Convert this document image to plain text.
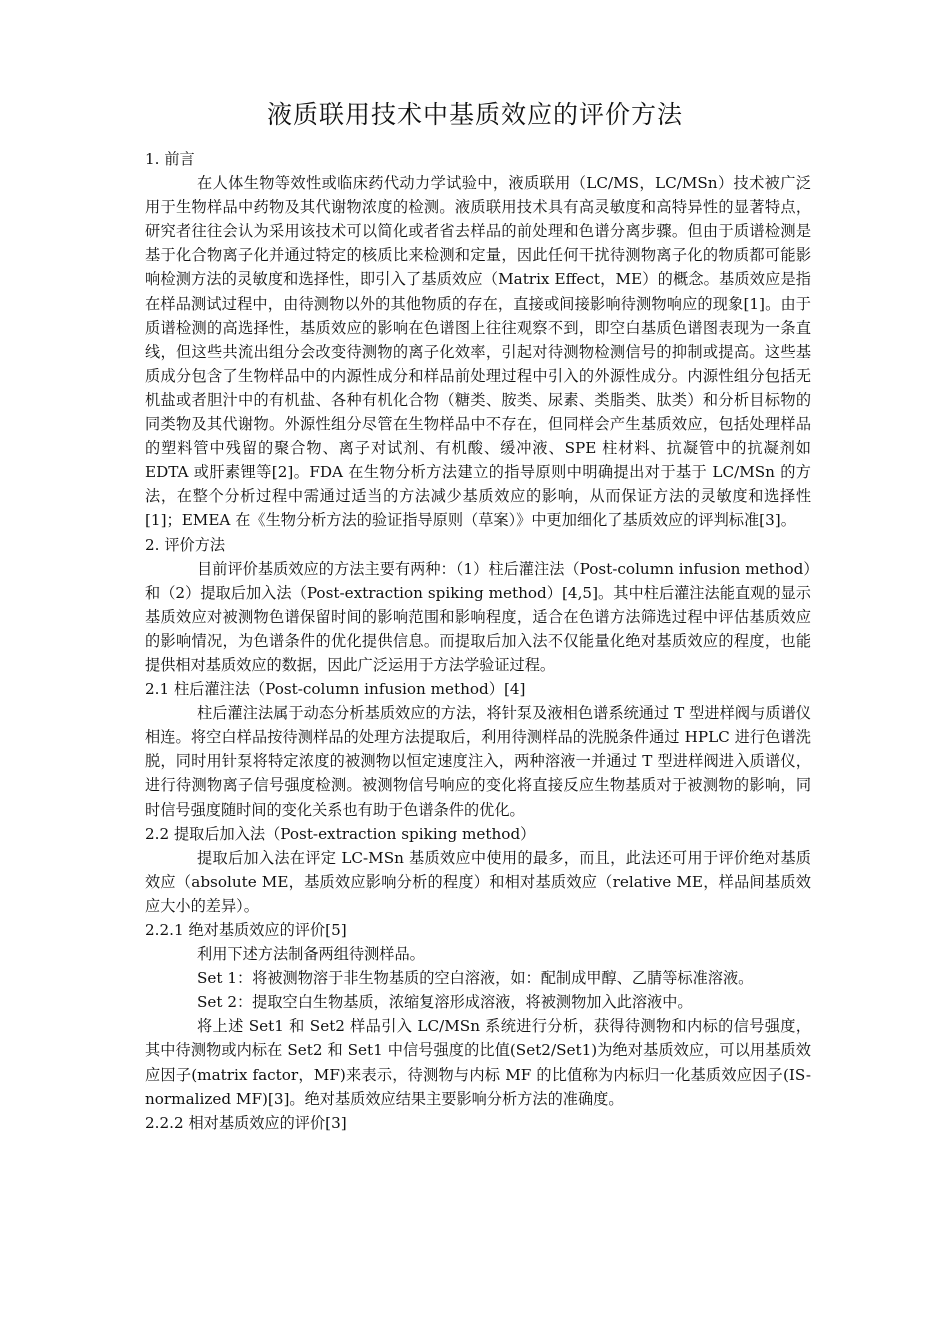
液质联用技术中基质效应的评价方法
1. 前言
在人体生物等效性或临床药代动力学试验中，液质联用（LC/MS，LC/MSn）技术被广泛用于生物样品中药物及其代谢物浓度的检测。液质联用技术具有高灵敏度和高特异性的显著特点，研究者往往会认为采用该技术可以简化或者省去样品的前处理和色谱分离步骤。但由于质谱检测是基于化合物离子化并通过特定的核质比来检测和定量，因此任何干扰待测物离子化的物质都可能影响检测方法的灵敏度和选择性，即引入了基质效应（Matrix Effect，ME）的概念。基质效应是指在样品测试过程中，由待测物以外的其他物质的存在，直接或间接影响待测物响应的现象[1]。由于质谱检测的高选择性，基质效应的影响在色谱图上往往观察不到，即空白基质色谱图表现为一条直线，但这些共流出组分会改变待测物的离子化效率，引起对待测物检测信号的抑制或提高。这些基质成分包含了生物样品中的内源性成分和样品前处理过程中引入的外源性成分。内源性组分包括无机盐或者胆汁中的有机盐、各种有机化合物（糖类、胺类、尿素、类脂类、肽类）和分析目标物的同类物及其代谢物。外源性组分尽管在生物样品中不存在，但同样会产生基质效应，包括处理样品的塑料管中残留的聚合物、离子对试剂、有机酸、缓冲液、SPE 柱材料、抗凝管中的抗凝剂如 EDTA 或肝素锂等[2]。FDA 在生物分析方法建立的指导原则中明确提出对于基于 LC/MSn 的方法，在整个分析过程中需通过适当的方法减少基质效应的影响，从而保证方法的灵敏度和选择性[1]；EMEA 在《生物分析方法的验证指导原则（草案）》中更加细化了基质效应的评判标准[3]。
2. 评价方法
目前评价基质效应的方法主要有两种：（1）柱后灌注法（Post-column infusion method）和（2）提取后加入法（Post-extraction spiking method）[4,5]。其中柱后灌注法能直观的显示基质效应对被测物色谱保留时间的影响范围和影响程度，适合在色谱方法筛选过程中评估基质效应的影响情况，为色谱条件的优化提供信息。而提取后加入法不仅能量化绝对基质效应的程度，也能提供相对基质效应的数据，因此广泛运用于方法学验证过程。
2.1 柱后灌注法（Post-column infusion method）[4]
柱后灌注法属于动态分析基质效应的方法，将针泵及液相色谱系统通过 T 型进样阀与质谱仪相连。将空白样品按待测样品的处理方法提取后，利用待测样品的洗脱条件通过 HPLC 进行色谱洗脱，同时用针泵将特定浓度的被测物以恒定速度注入，两种溶液一并通过 T 型进样阀进入质谱仪，进行待测物离子信号强度检测。被测物信号响应的变化将直接反应生物基质对于被测物的影响，同时信号强度随时间的变化关系也有助于色谱条件的优化。
2.2 提取后加入法（Post-extraction spiking method）
提取后加入法在评定 LC-MSn 基质效应中使用的最多，而且，此法还可用于评价绝对基质效应（absolute ME，基质效应影响分析的程度）和相对基质效应（relative ME，样品间基质效应大小的差异）。
2.2.1 绝对基质效应的评价[5]
利用下述方法制备两组待测样品。
Set 1：将被测物溶于非生物基质的空白溶液，如：配制成甲醇、乙腈等标准溶液。
Set 2：提取空白生物基质，浓缩复溶形成溶液，将被测物加入此溶液中。
将上述 Set1 和 Set2 样品引入 LC/MSn 系统进行分析，获得待测物和内标的信号强度，其中待测物或内标在 Set2 和 Set1 中信号强度的比值(Set2/Set1)为绝对基质效应，可以用基质效应因子(matrix factor，MF)来表示，待测物与内标 MF 的比值称为内标归一化基质效应因子(IS-normalized MF)[3]。绝对基质效应结果主要影响分析方法的准确度。
2.2.2 相对基质效应的评价[3]
